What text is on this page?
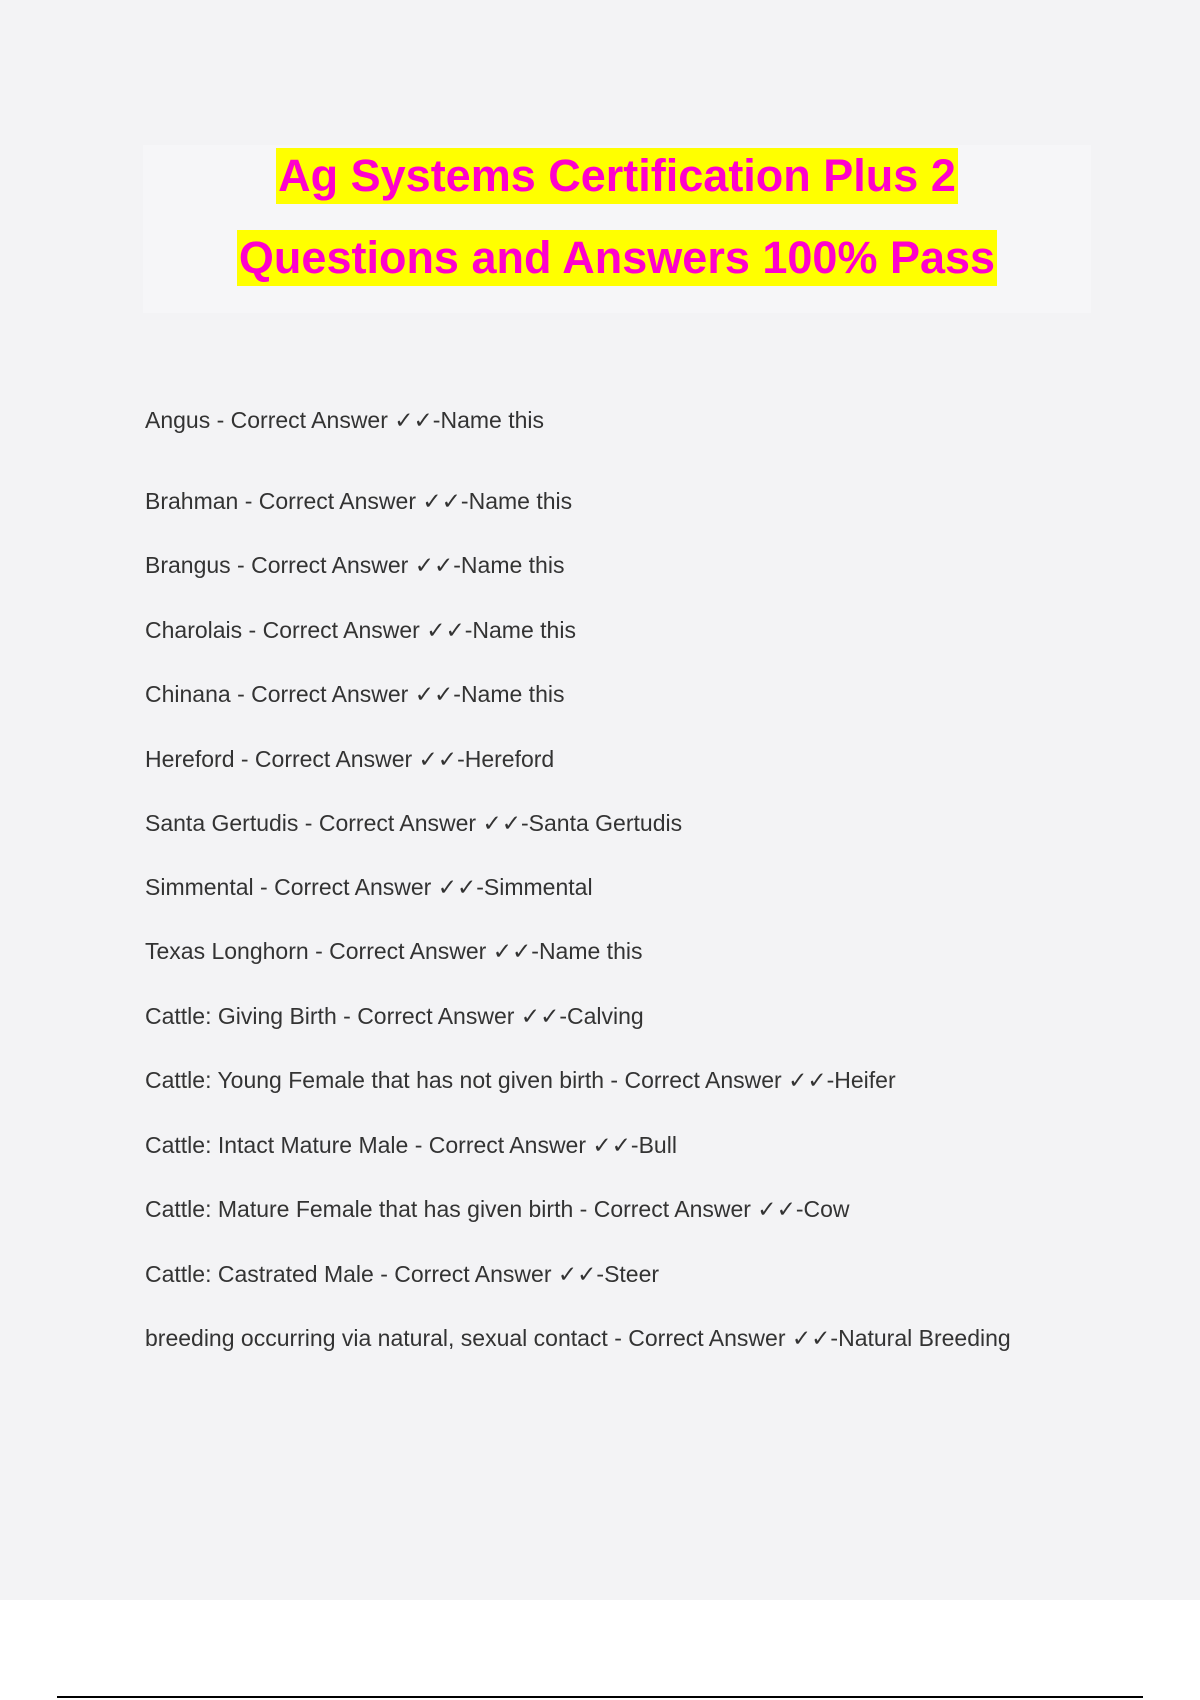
Ag Systems Certification Plus 2
Questions and Answers 100% Pass
Angus - Correct Answer ✓✓-Name this
Brahman - Correct Answer ✓✓-Name this
Brangus - Correct Answer ✓✓-Name this
Charolais - Correct Answer ✓✓-Name this
Chinana - Correct Answer ✓✓-Name this
Hereford - Correct Answer ✓✓-Hereford
Santa Gertudis - Correct Answer ✓✓-Santa Gertudis
Simmental - Correct Answer ✓✓-Simmental
Texas Longhorn - Correct Answer ✓✓-Name this
Cattle: Giving Birth - Correct Answer ✓✓-Calving
Cattle: Young Female that has not given birth - Correct Answer ✓✓-Heifer
Cattle: Intact Mature Male - Correct Answer ✓✓-Bull
Cattle: Mature Female that has given birth - Correct Answer ✓✓-Cow
Cattle: Castrated Male - Correct Answer ✓✓-Steer
breeding occurring via natural, sexual contact - Correct Answer ✓✓-Natural Breeding
